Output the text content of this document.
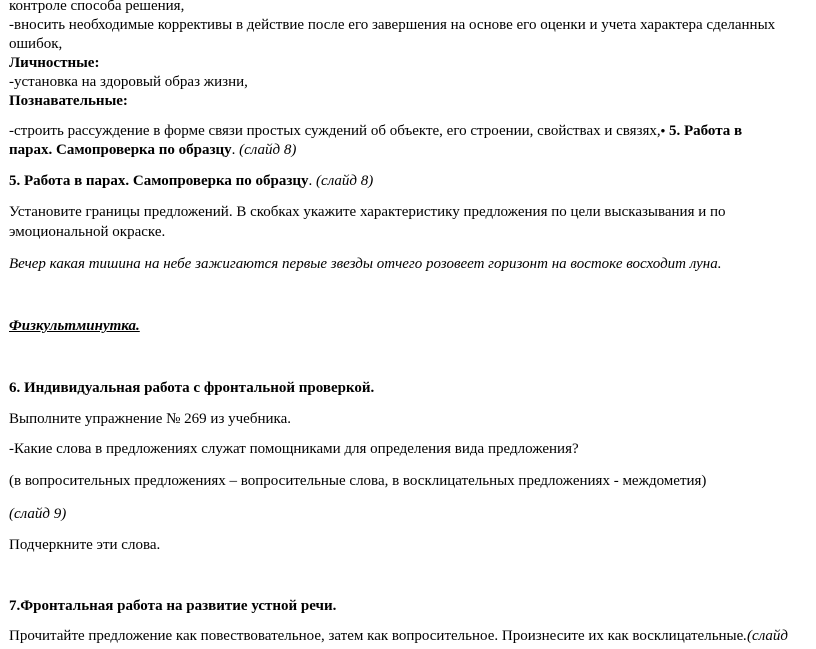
контроле способа решения,
-вносить необходимые коррективы в действие после его завершения на основе его оценки и учета характера сделанных
ошибок,
Личностные:
-установка на здоровый образ жизни,
Познавательные:
-строить рассуждение в форме связи простых суждений об объекте, его строении, свойствах и связях,• 5. Работа в
парах. Самопроверка по образцу. (слайд 8)
5. Работа в парах. Самопроверка по образцу. (слайд 8)
Установите границы предложений. В скобках укажите характеристику предложения по цели высказывания и по
эмоциональной окраске.
Вечер какая тишина на небе зажигаются первые звезды отчего розовеет горизонт на востоке восходит луна.
Физкультминутка.
6. Индивидуальная работа с фронтальной проверкой.
Выполните упражнение № 269 из учебника.
-Какие слова в предложениях служат помощниками для определения вида предложения?
(в вопросительных предложениях – вопросительные слова, в восклицательных предложениях - междометия)
(слайд 9)
Подчеркните эти слова.
7.Фронтальная работа на развитие устной речи.
Прочитайте предложение как повествовательное, затем как вопросительное. Произнесите их как восклицательные.(слайд
